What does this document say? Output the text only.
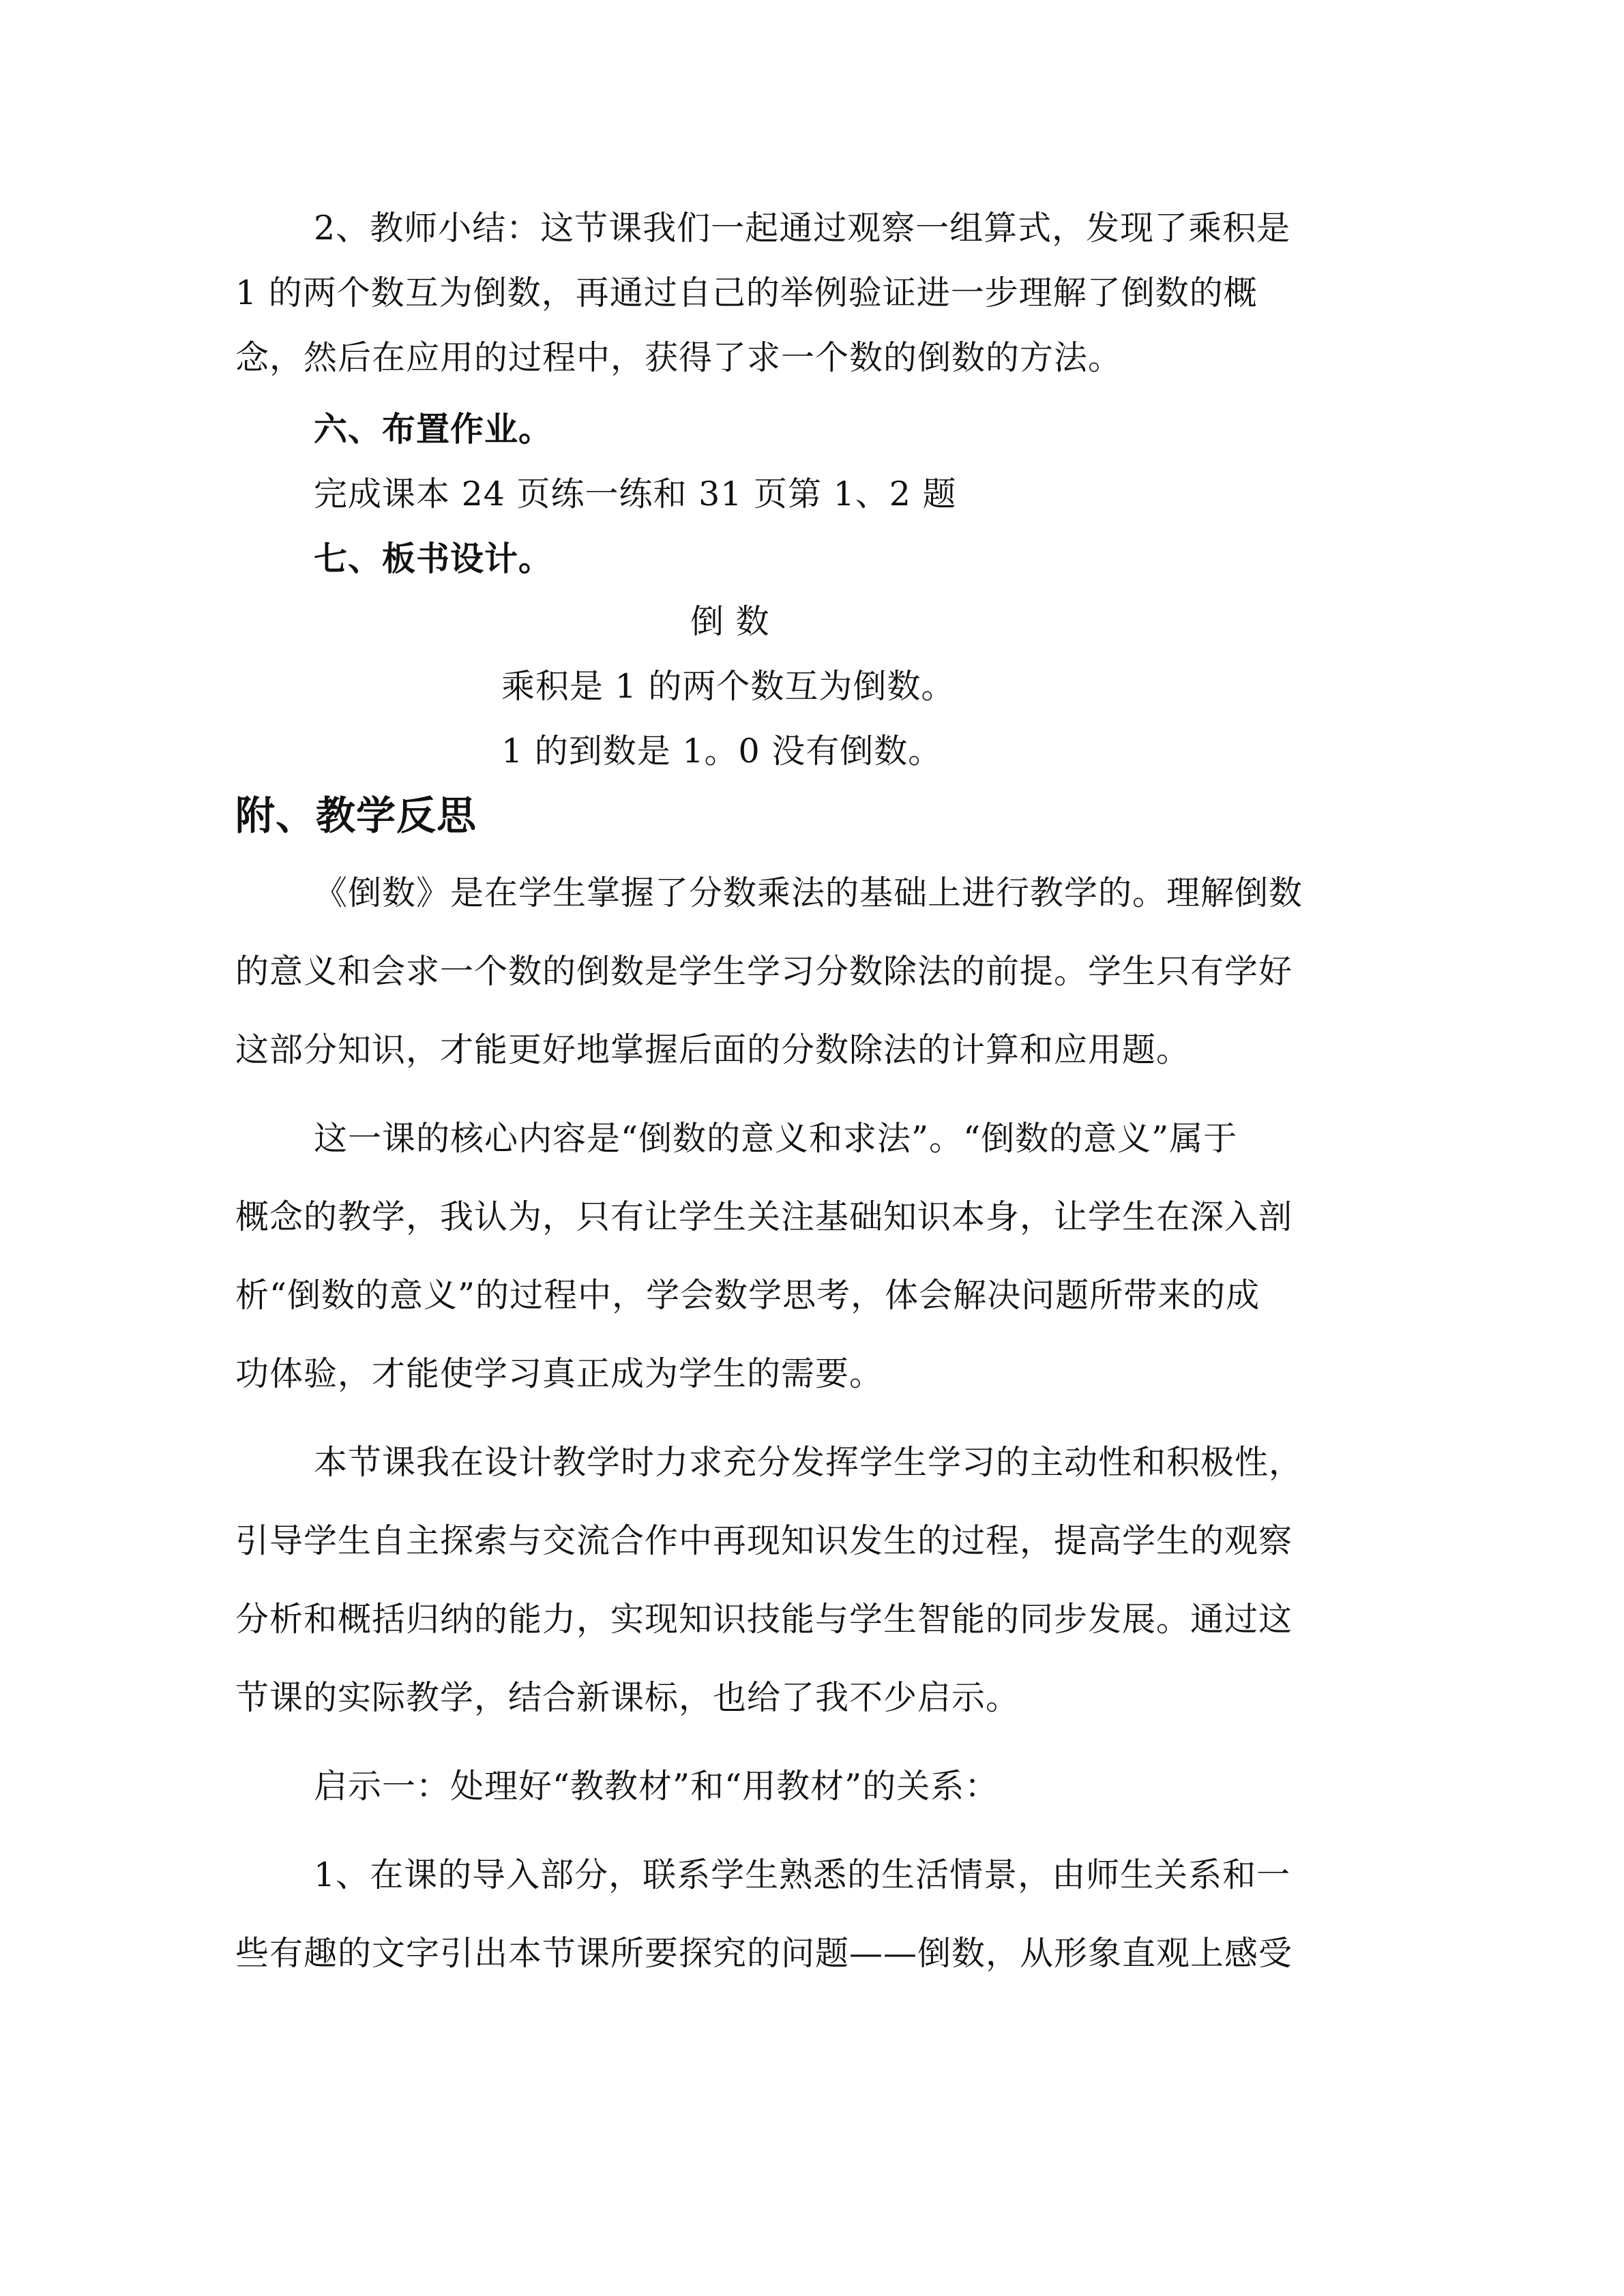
2、教师小结：这节课我们一起通过观察一组算式，发现了乘积是
1 的两个数互为倒数，再通过自己的举例验证进一步理解了倒数的概
念，然后在应用的过程中，获得了求一个数的倒数的方法。
六、布置作业。
完成课本 24 页练一练和 31 页第 1、2 题
七、板书设计。
倒 数
乘积是 1 的两个数互为倒数。
1 的到数是 1。0 没有倒数。
附、教学反思
《倒数》是在学生掌握了分数乘法的基础上进行教学的。理解倒数
的意义和会求一个数的倒数是学生学习分数除法的前提。学生只有学好
这部分知识，才能更好地掌握后面的分数除法的计算和应用题。
这一课的核心内容是“倒数的意义和求法”。“倒数的意义”属于
概念的教学，我认为，只有让学生关注基础知识本身，让学生在深入剖
析“倒数的意义”的过程中，学会数学思考，体会解决问题所带来的成
功体验，才能使学习真正成为学生的需要。
本节课我在设计教学时力求充分发挥学生学习的主动性和积极性，
引导学生自主探索与交流合作中再现知识发生的过程，提高学生的观察
分析和概括归纳的能力，实现知识技能与学生智能的同步发展。通过这
节课的实际教学，结合新课标，也给了我不少启示。
启示一：处理好“教教材”和“用教材”的关系：
1、在课的导入部分，联系学生熟悉的生活情景，由师生关系和一
些有趣的文字引出本节课所要探究的问题——倒数，从形象直观上感受
